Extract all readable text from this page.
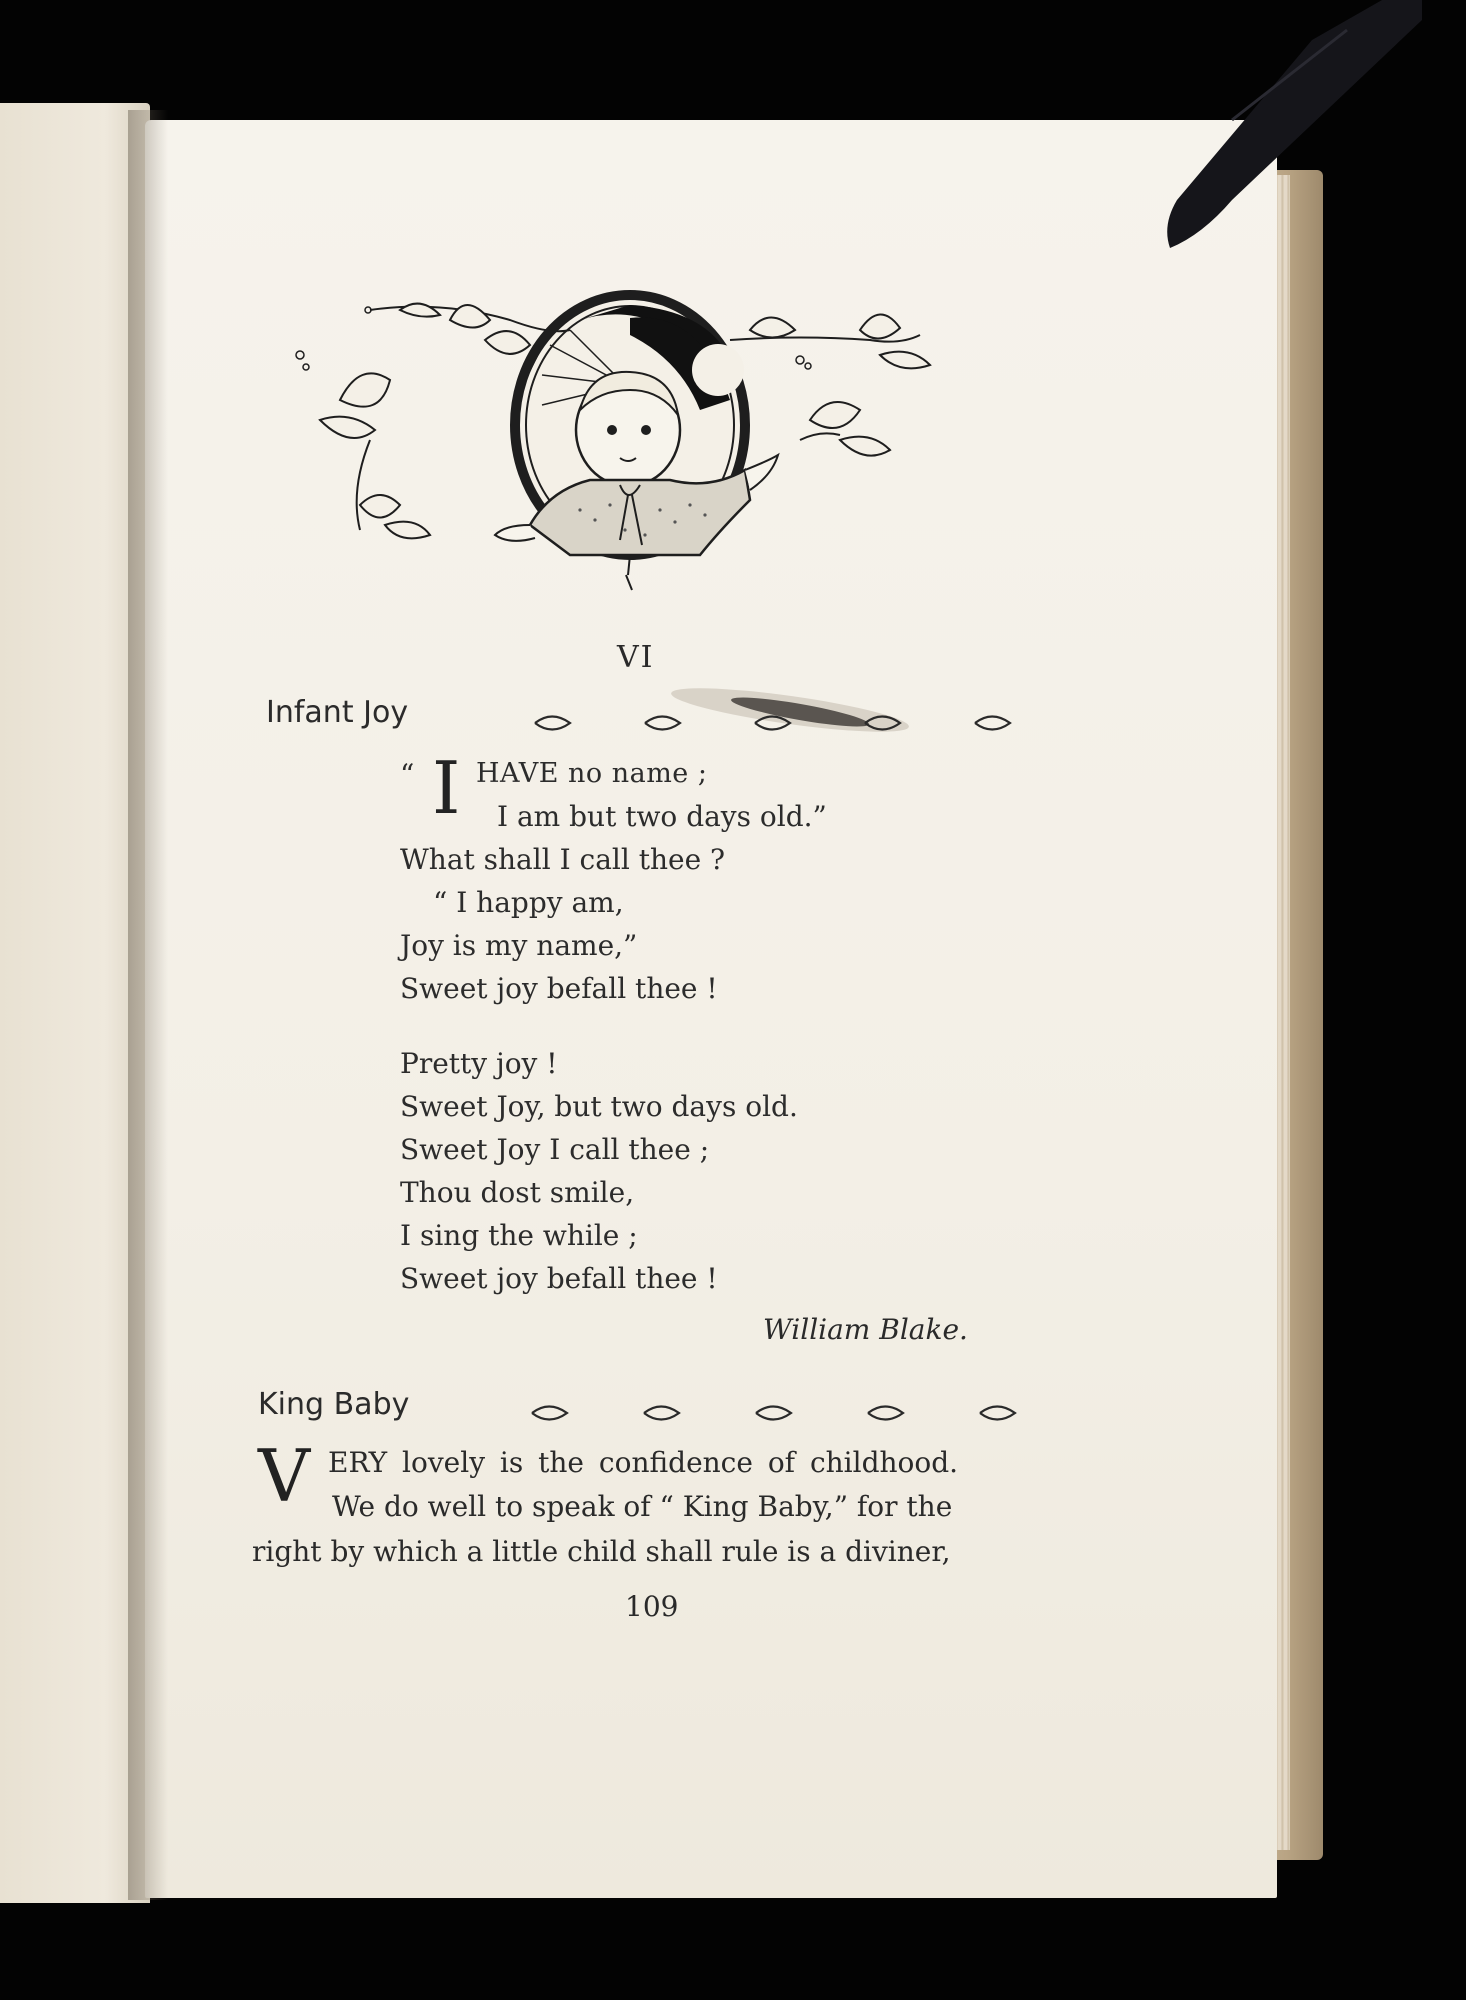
VI
Infant Joy
“ I HAVE no name ;
I am but two days old.”
What shall I call thee ?
“ I happy am,
Joy is my name,”
Sweet joy befall thee !
Pretty joy !
Sweet Joy, but two days old.
Sweet Joy I call thee ;
Thou dost smile,
I sing the while ;
Sweet joy befall thee !
William Blake.
King Baby
V ERY lovely is the confidence of childhood.
We do well to speak of “ King Baby,” for the
right by which a little child shall rule is a diviner,
109
